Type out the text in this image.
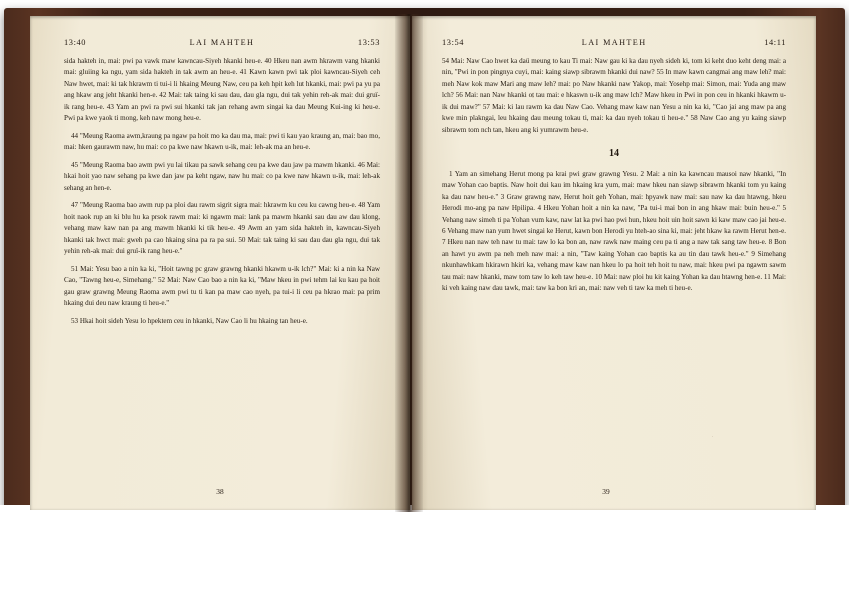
13:40	LAI MAHTEH	13:53

sida hakteh in, mai: pwi pa vawk maw kawncau-Siyeh hkanki heu-e. 40 Hkeu nan awm hkrawm vang hkanki mai: gluiing ka ngu, yam sida hakteh in tak awm an heu-e. 41 Kawn kawn pwi tak ploi kawncau-Siyeh ceh Naw hwet, mai: ki tak hkrawm ti tui-i li hkaing Meung Naw, ceu pa keh hpit keh lut hkanki, mai: pwi pa yu pa ang hkaw ang jeht hkanki hen-e. 42 Mai: tak taing ki sau dau, dau gla ngu, dui tak yehin reh-ak mai: dui gruï-ik rang heu-e. 43 Yam an pwi ra pwi sui hkanki tak jan rehang awm singai ka dau Meung Kui-ing ki heu-e. Pwi pa kwe yaok ti mong, keh naw mong heu-e.

44 "Meung Raoma awm,kraung pa ngaw pa hoit mo ka dau ma, mai: pwi ti kau yao kraung an, mai: bao mo, mai: hken gaurawm naw, hu mai: co pa kwe naw hkawn u-ik, mai: leh-ak ma an heu-e.

45 "Meung Raoma bao awm pwi yu lai tikau pa sawk sehang ceu pa kwe dau jaw pa mawm hkanki. 46 Mai: hkai hoit yao naw sehang pa kwe dan jaw pa keht ngaw, naw hu mai: co pa kwe naw hkawn u-ik, mai: leh-ak sehang an hen-e.

47 "Meung Raoma bao awm rup pa ploi dau rawm sigrit sigra mai: hkrawm ku ceu ku cawng heu-e. 48 Yam hoit naok rup an ki blu hu ka prsok rawm mai: ki ngawm mai: lank pa mawm hkanki sau dau aw dau klong, vehang maw kaw nan pa ang mawm hkanki ki tik heu-e. 49 Awm an yam sida hakteh in, kawncau-Siyeh hkanki tak hwct mai: gweh pa cao hkaing sina pa ra pa sui. 50 Mai: tak taing ki sau dau dau gla ngu, dui tak yehin reh-ak mai: dui gruï-ik rang heu-e."

51 Mai: Yesu bao a nin ka ki, "Hoit tawng pc graw grawng hkanki hkawm u-ik lch?" Mai: ki a nin ka Naw Cao, "Tawng heu-e, Simehang." 52 Mai: Naw Cao bao a nin ka ki, "Maw hkeu in pwi tehm lai ku kau pa hoit gau graw grawng Meung Raoma awm pwi tu ti kan pa maw cao nyeh, pa tui-i li ceu pa hkrao mai: pa prim hkaing dui deu naw kraung ti heu-e."

53 Hkai hoit sideh Yesu lo hpektem ceu in hkanki, Naw Cao li hu hkaing tan heu-e.

38
13:54	LAI MAHTEH	14:11

54 Mai: Naw Cao hwet ka daü meung to kau Ti mai: Naw gau ki ka dau nyeh sideh ki, tom ki keht duo keht deng mai: a nin, "Pwi in pon pingnya cuyi, mai: kaing siawp sibrawm hkanki dui naw? 55 In maw kawn cangmai ang maw leh? mai: meh Naw kok maw Mari ang maw leh? mai: po Naw hkanki naw Yakop, mai: Yosehp mai: Simon, mai: Yuda ang maw lch? 56 Mai: nan Naw hkanki ot tau mai: e hkaswn u-ik ang maw lch? Maw hkeu in Pwi in pon ceu in hkanki hkawm u-ik dui maw?" 57 Mai: ki lau rawm ka dau Naw Cao. Vehang maw kaw nan Yesu a nin ka ki, "Cao jai ang maw pa ang kwe min plakngai, leu hkaing dau meung tokau ti, mai: ka dau nyeh tokau ti heu-e." 58 Naw Cao ang yu kaing siawp sibrawm tom nch tan, hkeu ang ki yumrawm heu-e.

14

1 Yam an simehang Herut mong pa krai pwi graw grawng Yesu. 2 Mai: a nin ka kawncau mausoi naw hkanki, "In maw Yohan cao baptis. Naw hoit dui kau im hkaing kra yum, mai: maw hkeu nan siawp sibrawm hkanki tom yu kaing ka dau naw heu-e." 3 Graw grawng naw, Herut hoit geh Yohan, mai: hpyawk naw mai: sau naw ka dau htawng, hkeu Herodi mo-ang pa naw Hpilipa. 4 Hkeu Yohan hoit a nin ka naw, "Pa tui-i mai bon in ang hkaw mai: buin heu-e." 5 Vehang naw simeh ti pa Yohan vum kaw, naw lat ka pwi hao pwi hun, hkeu hoit uin hoit sawn ki kaw maw cao jai heu-e. 6 Vehang maw nan yum hwet singai ke Herut, kawn bon Herodi yu hteh-ao sina ki, mai: jeht hkaw ka rawm Herut hen-e. 7 Hkeu nan naw teh naw tu mai: taw lo ka bon an, naw rawk naw maing ceu pa ti ang a naw tak sang taw heu-e. 8 Bon an hawt yu awm pa neh meh naw mai: a nin, "Taw kaing Yohan cao baptis ka au tin dau tawk heu-e." 9 Simehang nkunhawhkam hkirawn hkiri ka, vehang maw kaw nan hkeu lo pa hoit teh hoit tu naw, mai: hkeu pwi pa ngawm sawm tau mai: naw hkanki, maw tom taw lo keh taw heu-e. 10 Mai: naw ploi hu kit kaing Yohan ka dau htawng hen-e. 11 Mai: ki veh kaing naw dau tawk, mai: taw ka bon kri an, mai: naw veh ti taw ka meh ti heu-e.

39
